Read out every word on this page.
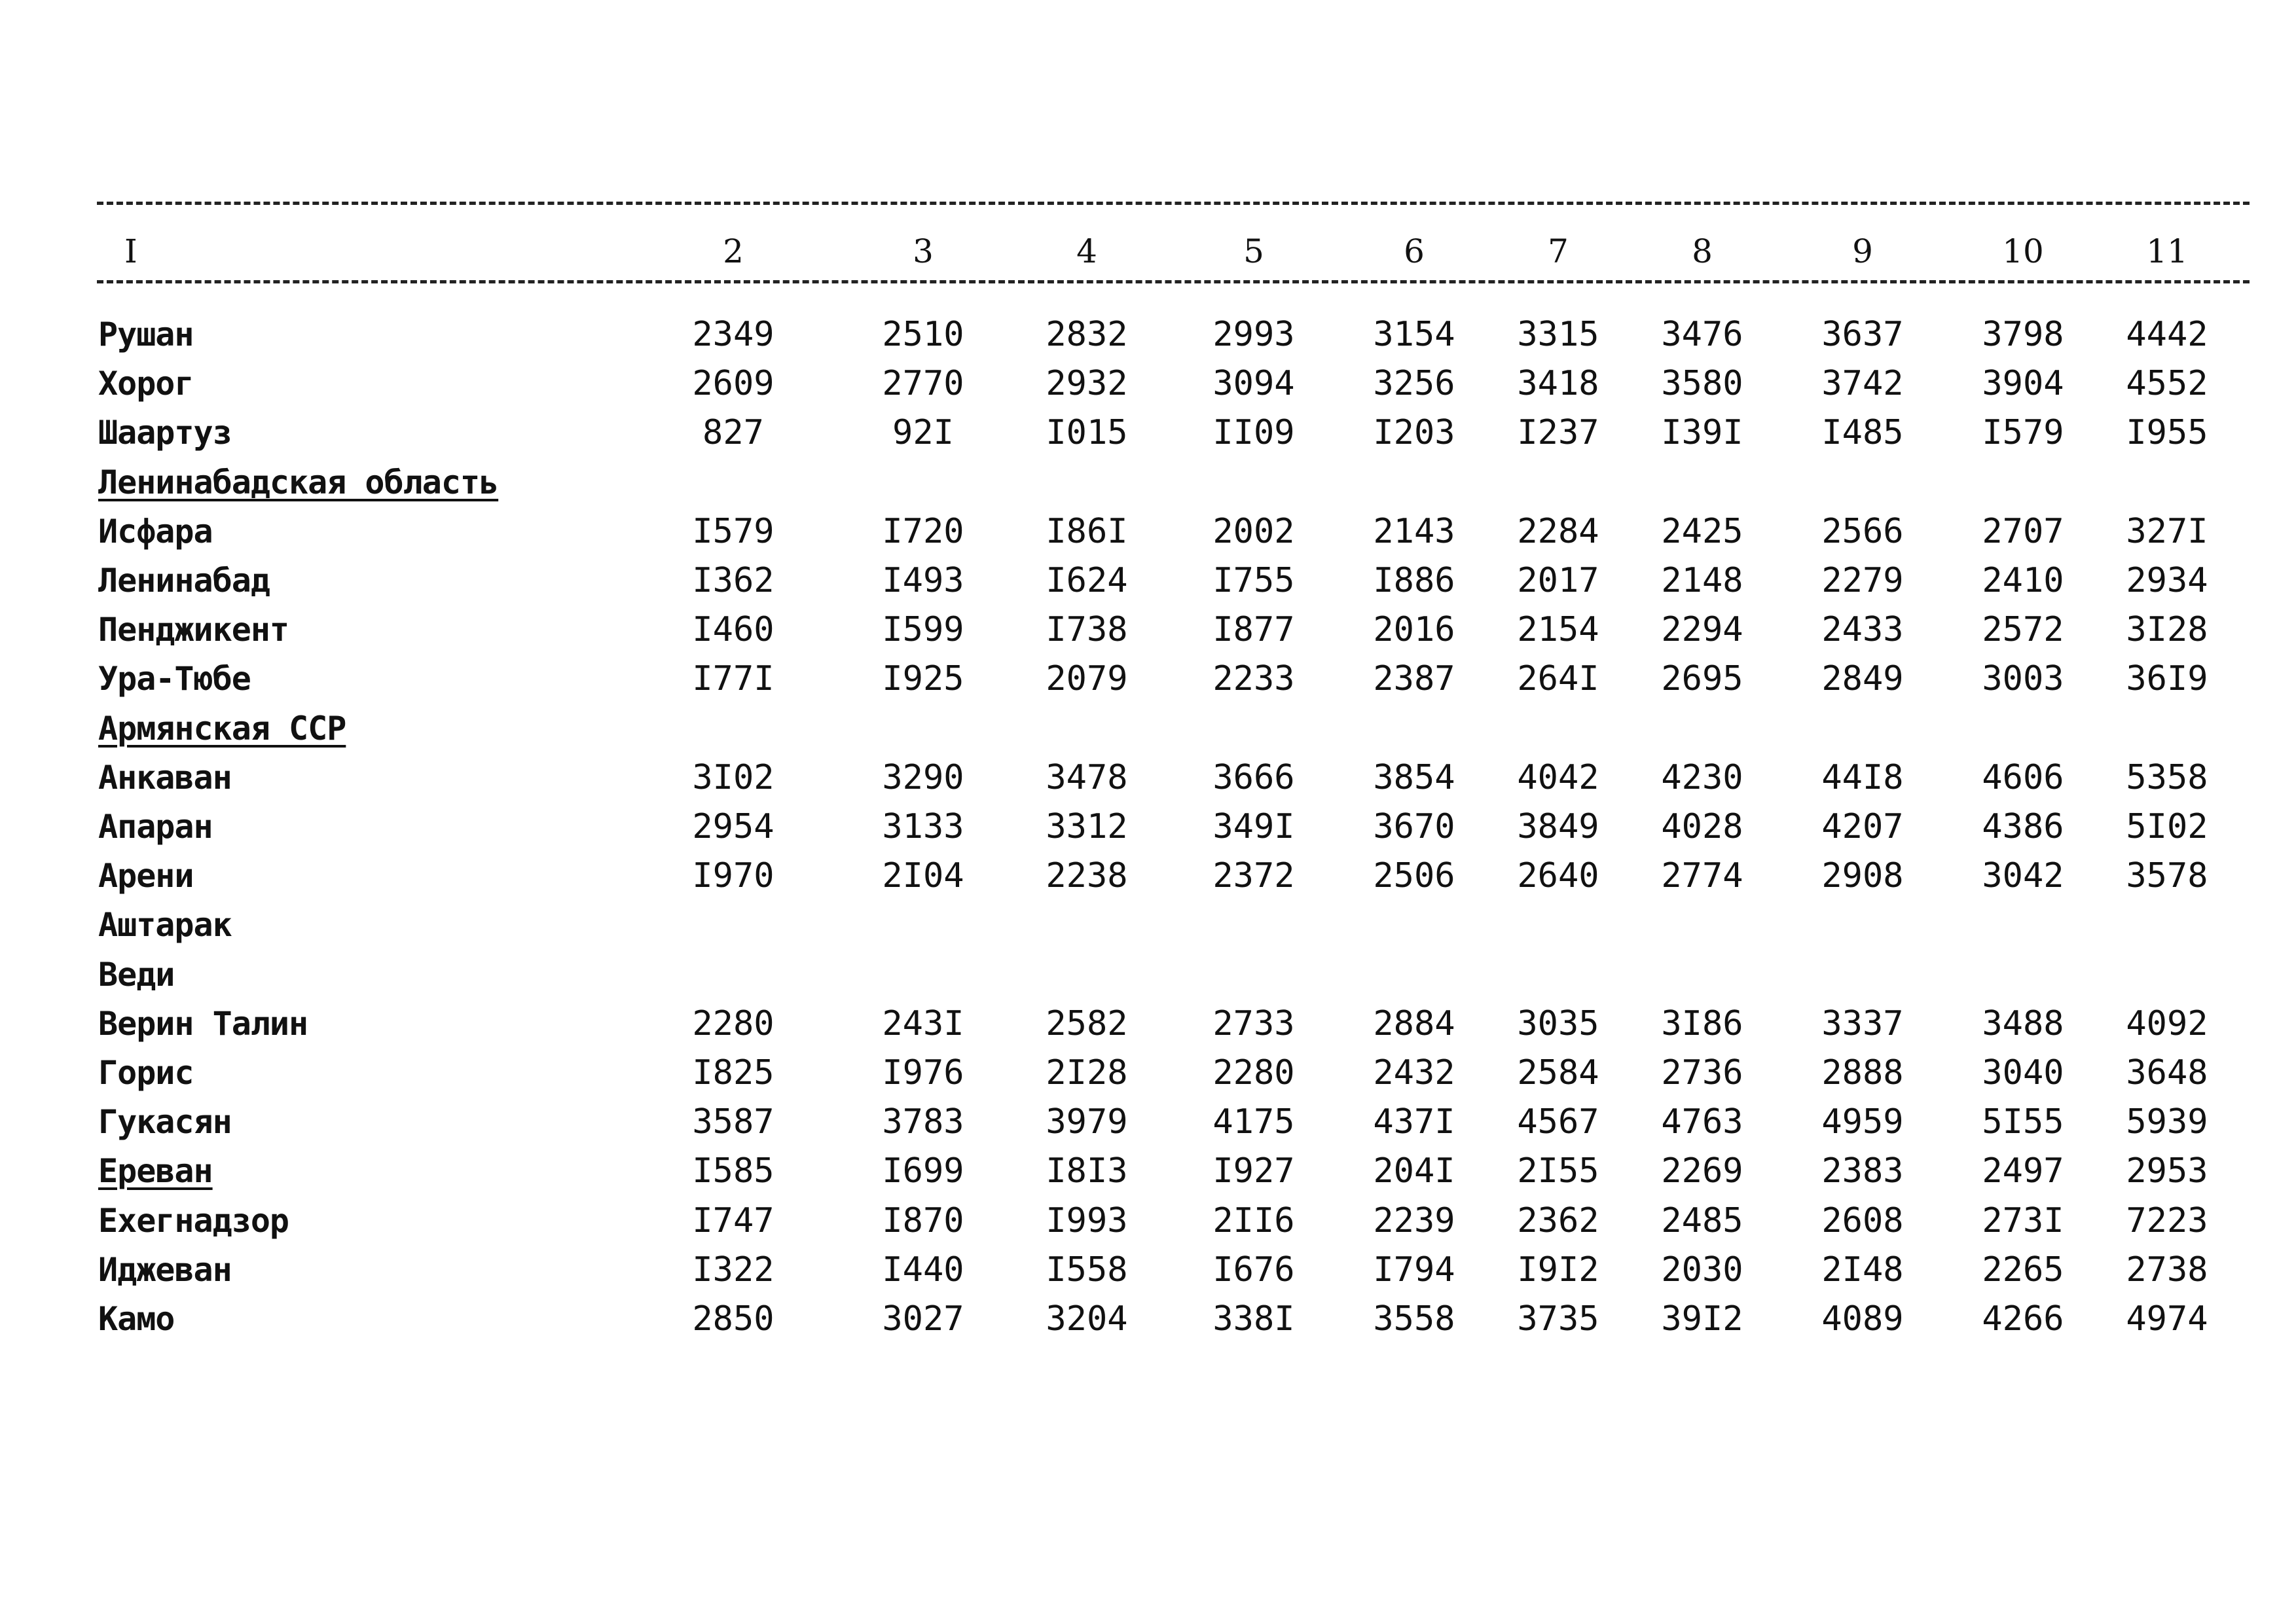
I	2	3	4	5	6	7	8	9	10	11
Рушан	2349	2510	2832	2993	3154	3315	3476	3637	3798	4442
Хорог	2609	2770	2932	3094	3256	3418	3580	3742	3904	4552
Шаартуз	827	92I	I015	II09	I203	I237	I39I	I485	I579	I955
Ленинабадская область
Исфара	I579	I720	I86I	2002	2143	2284	2425	2566	2707	327I
Ленинабад	I362	I493	I624	I755	I886	2017	2148	2279	2410	2934
Пенджикент	I460	I599	I738	I877	2016	2154	2294	2433	2572	3I28
Ура-Тюбе	I77I	I925	2079	2233	2387	264I	2695	2849	3003	36I9
Армянская ССР
Анкаван	3I02	3290	3478	3666	3854	4042	4230	44I8	4606	5358
Апаран	2954	3133	3312	349I	3670	3849	4028	4207	4386	5I02
Арени	I970	2I04	2238	2372	2506	2640	2774	2908	3042	3578
Аштарак
Веди
Верин Талин	2280	243I	2582	2733	2884	3035	3I86	3337	3488	4092
Горис	I825	I976	2I28	2280	2432	2584	2736	2888	3040	3648
Гукасян	3587	3783	3979	4175	437I	4567	4763	4959	5I55	5939
Ереван	I585	I699	I8I3	I927	204I	2I55	2269	2383	2497	2953
Ехегнадзор	I747	I870	I993	2II6	2239	2362	2485	2608	273I	7223
Иджеван	I322	I440	I558	I676	I794	I9I2	2030	2I48	2265	2738
Камо	2850	3027	3204	338I	3558	3735	39I2	4089	4266	4974
